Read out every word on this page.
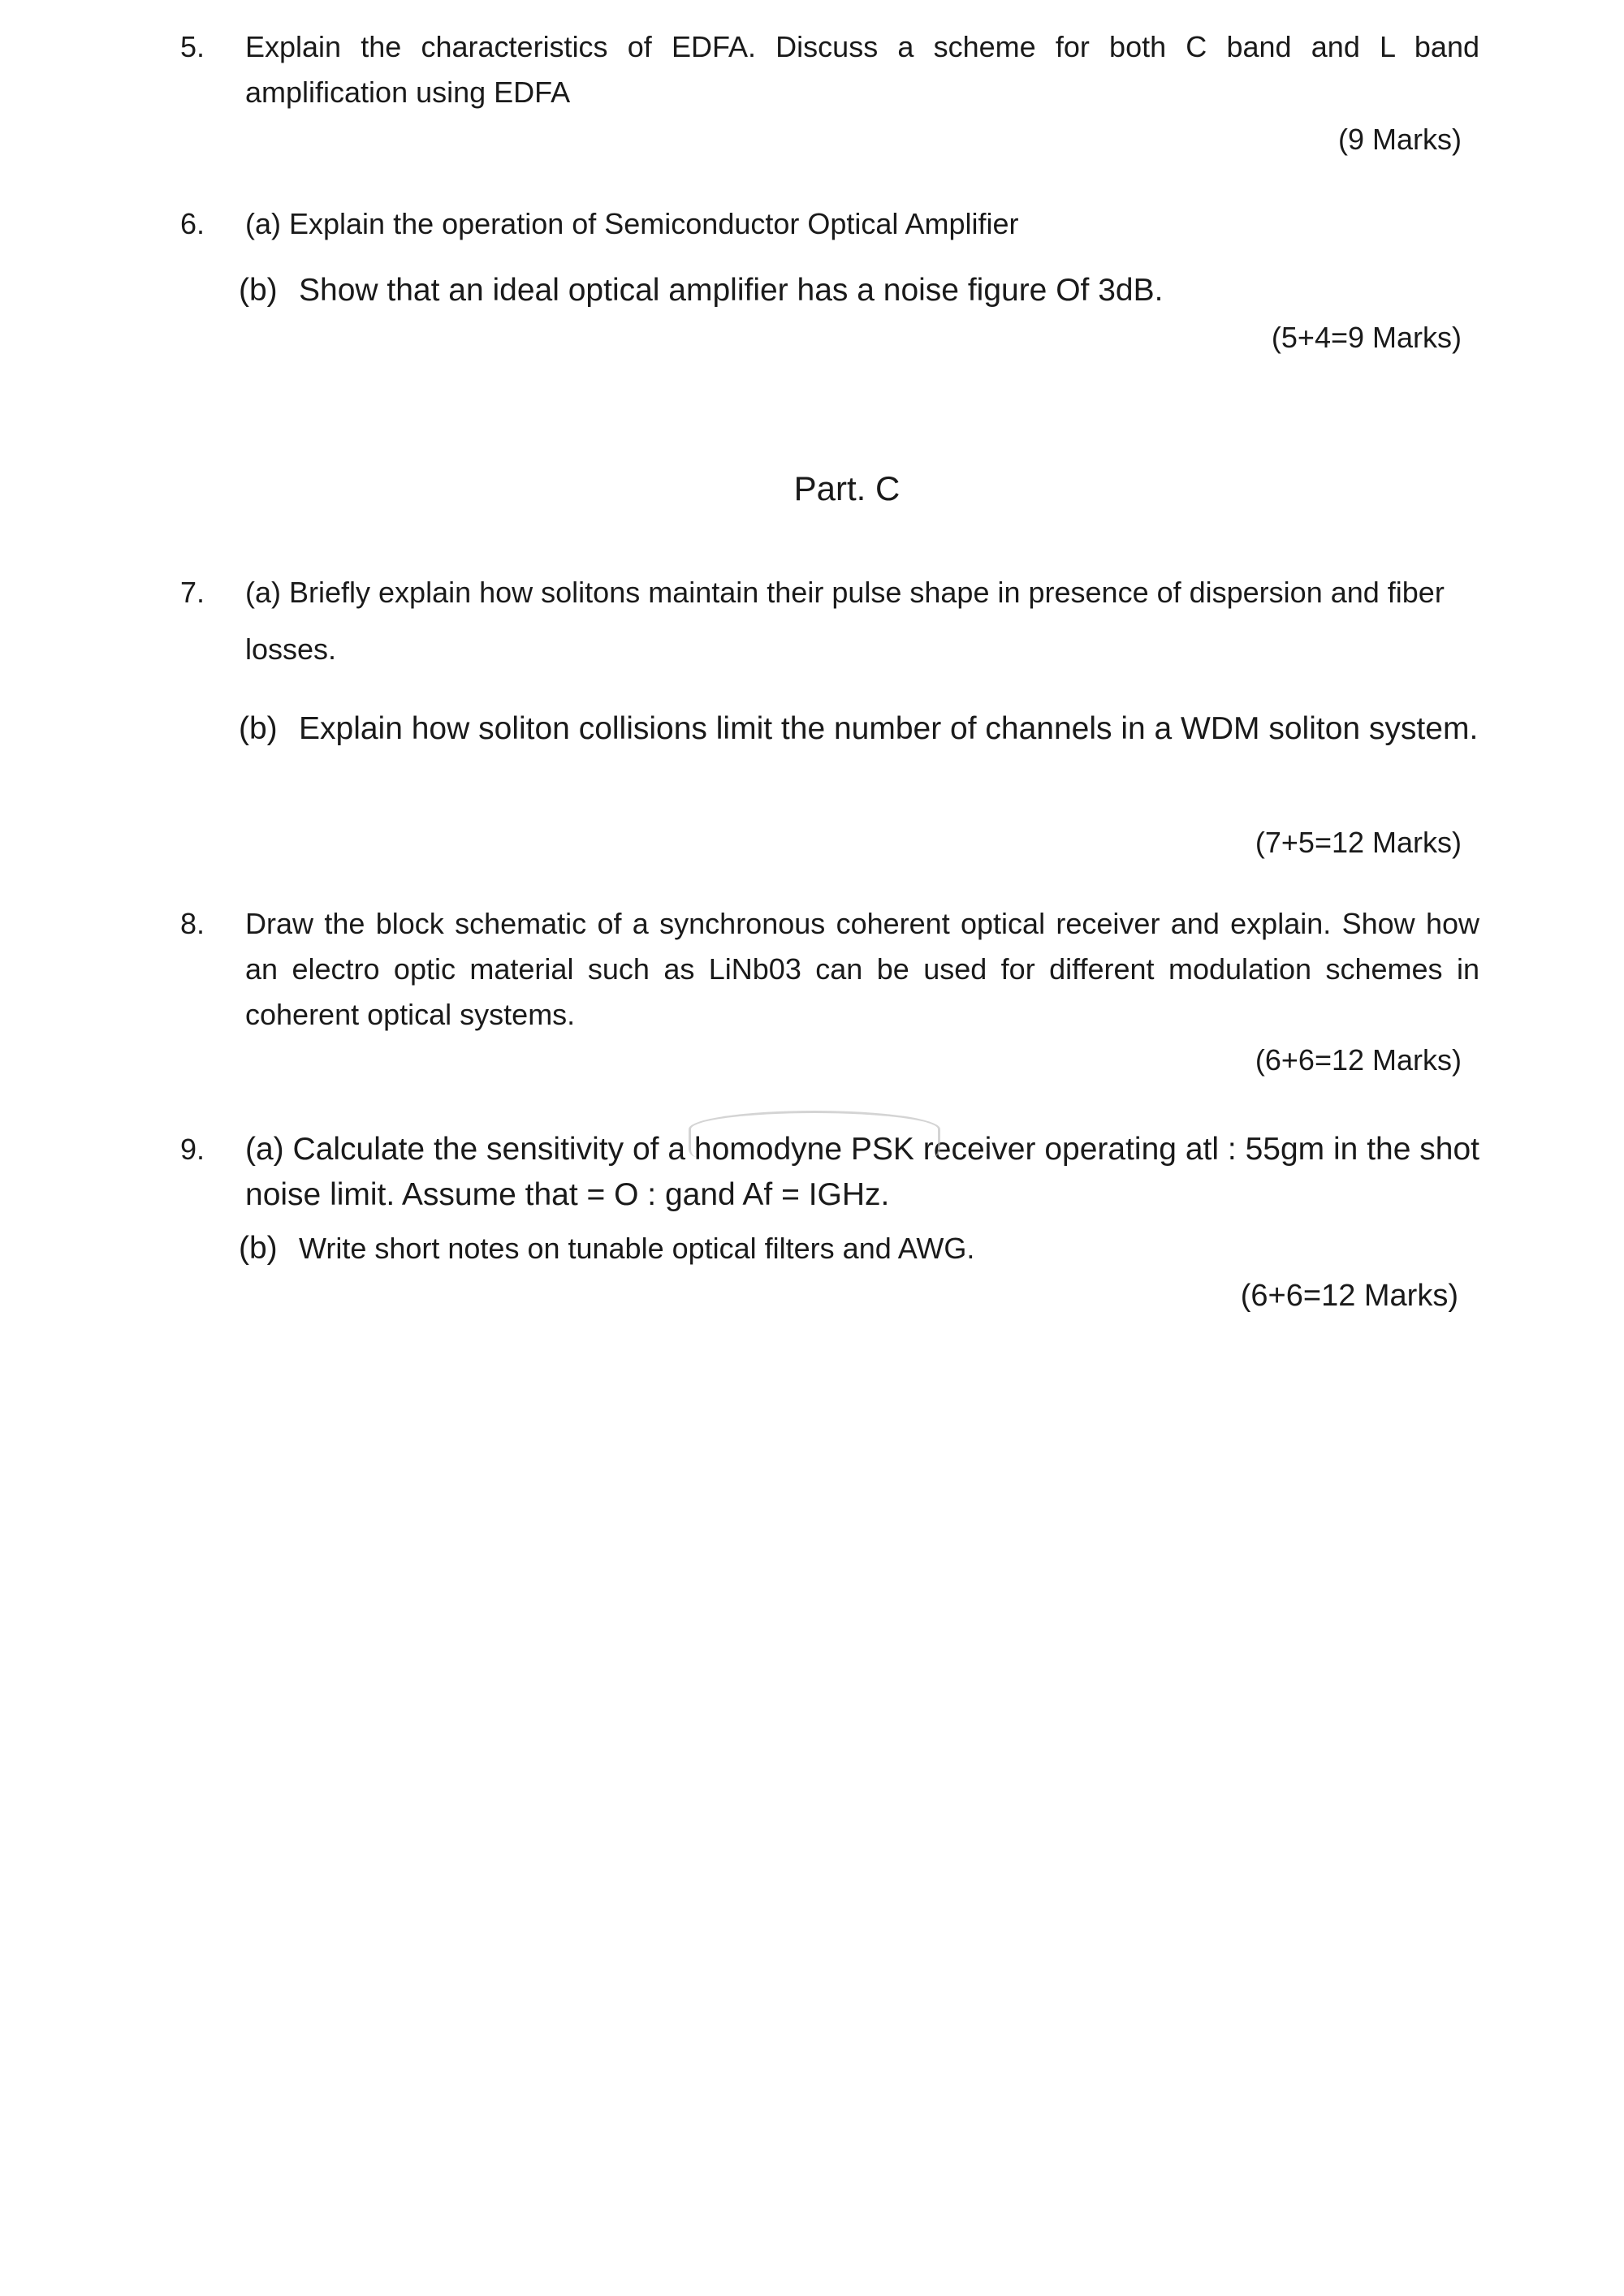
5. Explain the characteristics of EDFA. Discuss a scheme for both C band and L band amplification using EDFA
(9 Marks)
6. (a) Explain the operation of Semiconductor Optical Amplifier
(b) Show that an ideal optical amplifier has a noise figure Of 3dB.
(5+4=9 Marks)
Part. C
7. (a) Briefly explain how solitons maintain their pulse shape in presence of dispersion and fiber
losses.
(b) Explain how soliton collisions limit the number of channels in a WDM soliton system.
(7+5=12 Marks)
8. Draw the block schematic of a synchronous coherent optical receiver and explain. Show how an electro optic material such as LiNb03 can be used for different modulation schemes in coherent optical systems.
(6+6=12 Marks)
9. (a) Calculate the sensitivity of a homodyne PSK receiver operating atl : 55gm in the shot noise limit. Assume that = O : gand Af = IGHz.
(b) Write short notes on tunable optical filters and AWG.
(6+6=12 Marks)
